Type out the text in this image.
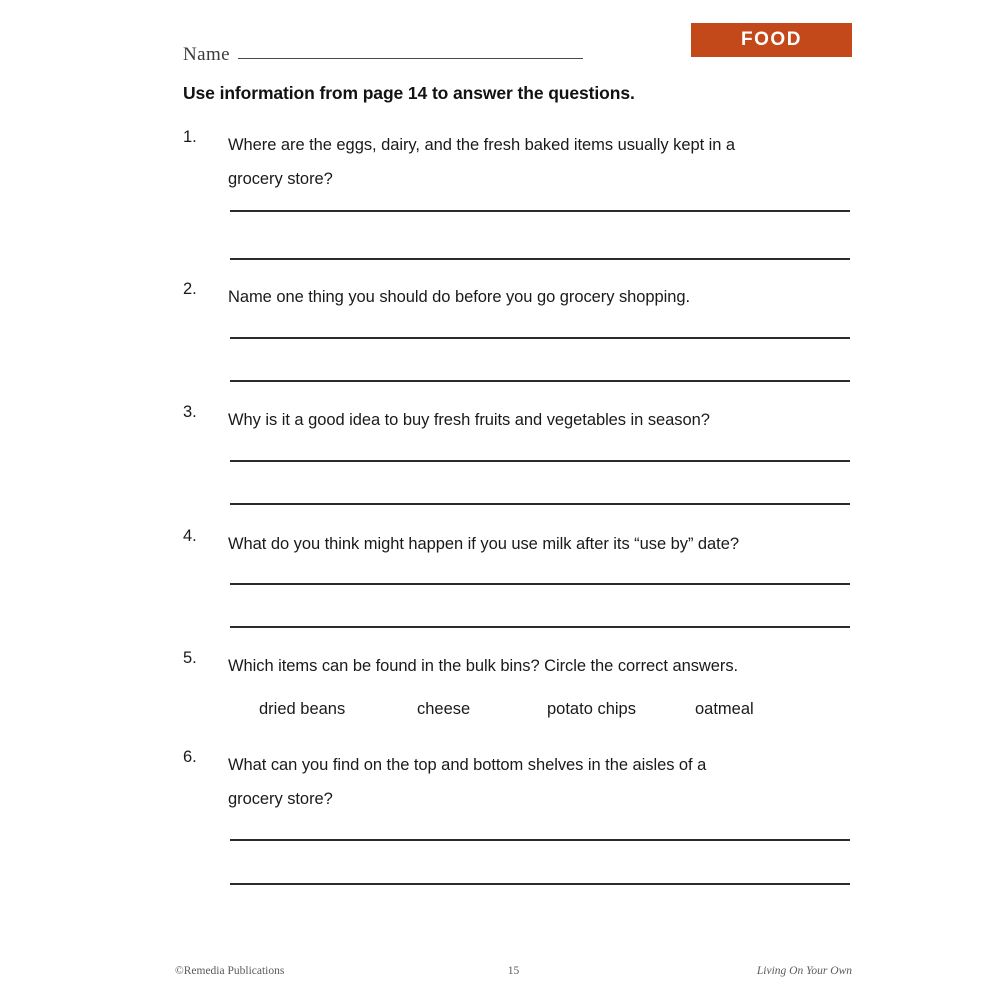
FOOD
Name
Use information from page 14 to answer the questions.
1. Where are the eggs, dairy, and the fresh baked items usually kept in a
grocery store?
2. Name one thing you should do before you go grocery shopping.
3. Why is it a good idea to buy fresh fruits and vegetables in season?
4. What do you think might happen if you use milk after its “use by” date?
5. Which items can be found in the bulk bins? Circle the correct answers.
6. What can you find on the top and bottom shelves in the aisles of a
grocery store?
dried beans	cheese	potato chips	oatmeal
©Remedia Publications	15	Living On Your Own
